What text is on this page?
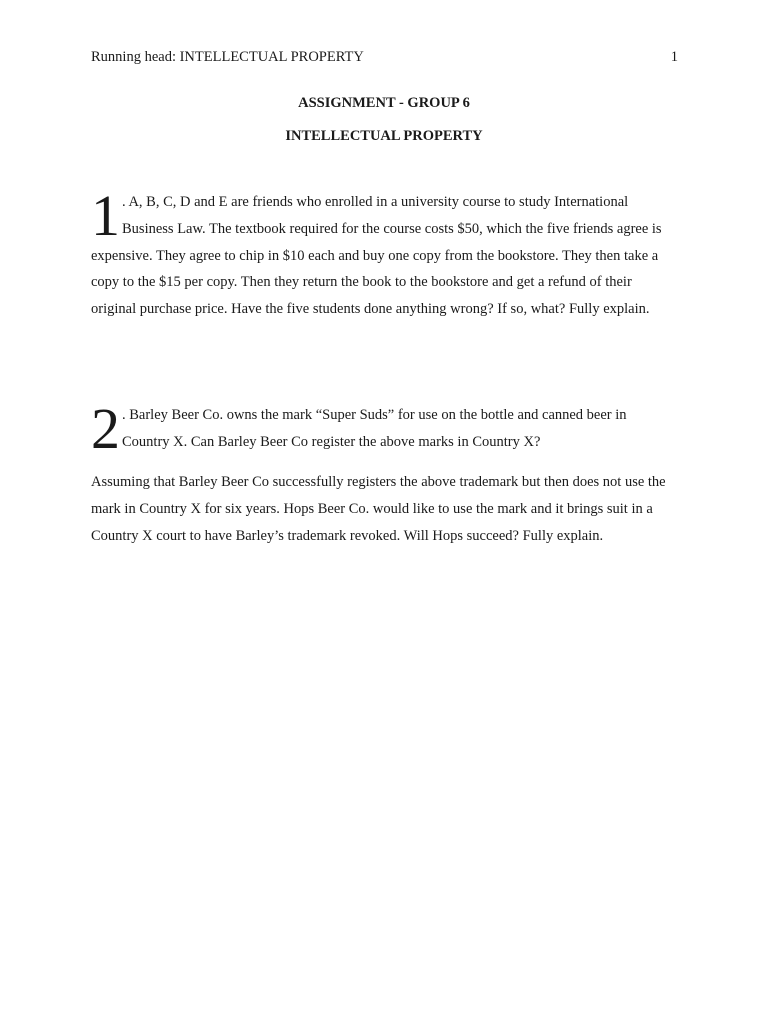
Running head: INTELLECTUAL PROPERTY	1
ASSIGNMENT - GROUP 6
INTELLECTUAL PROPERTY
1 . A, B, C, D and E are friends who enrolled in a university course to study International Business Law. The textbook required for the course costs $50, which the five friends agree is expensive. They agree to chip in $10 each and buy one copy from the bookstore. They then take a copy to the $15 per copy. Then they return the book to the bookstore and get a refund of their original purchase price. Have the five students done anything wrong? If so, what? Fully explain.

2 . Barley Beer Co. owns the mark “Super Suds” for use on the bottle and canned beer in Country X. Can Barley Beer Co register the above marks in Country X?

Assuming that Barley Beer Co successfully registers the above trademark but then does not use the mark in Country X for six years. Hops Beer Co. would like to use the mark and it brings suit in a Country X court to have Barley’s trademark revoked. Will Hops succeed? Fully explain.
